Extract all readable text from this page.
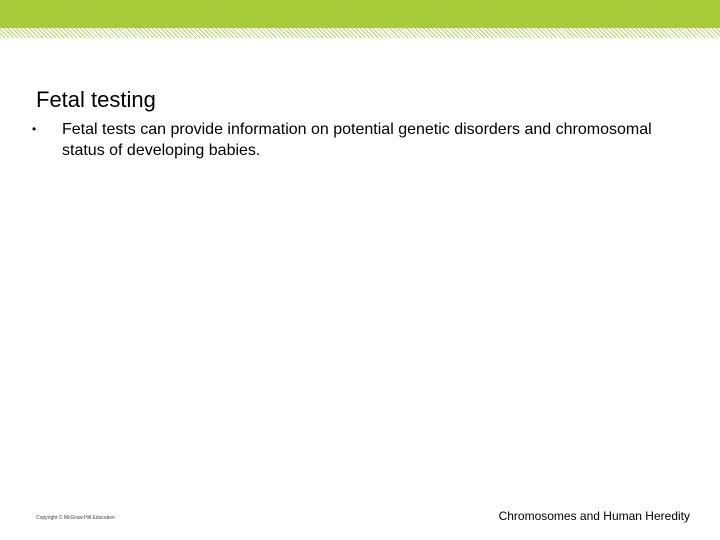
Fetal testing
•	Fetal tests can provide information on potential genetic disorders and chromosomal status of developing babies.
Copyright © McGraw-Hill Education	Chromosomes and Human Heredity
